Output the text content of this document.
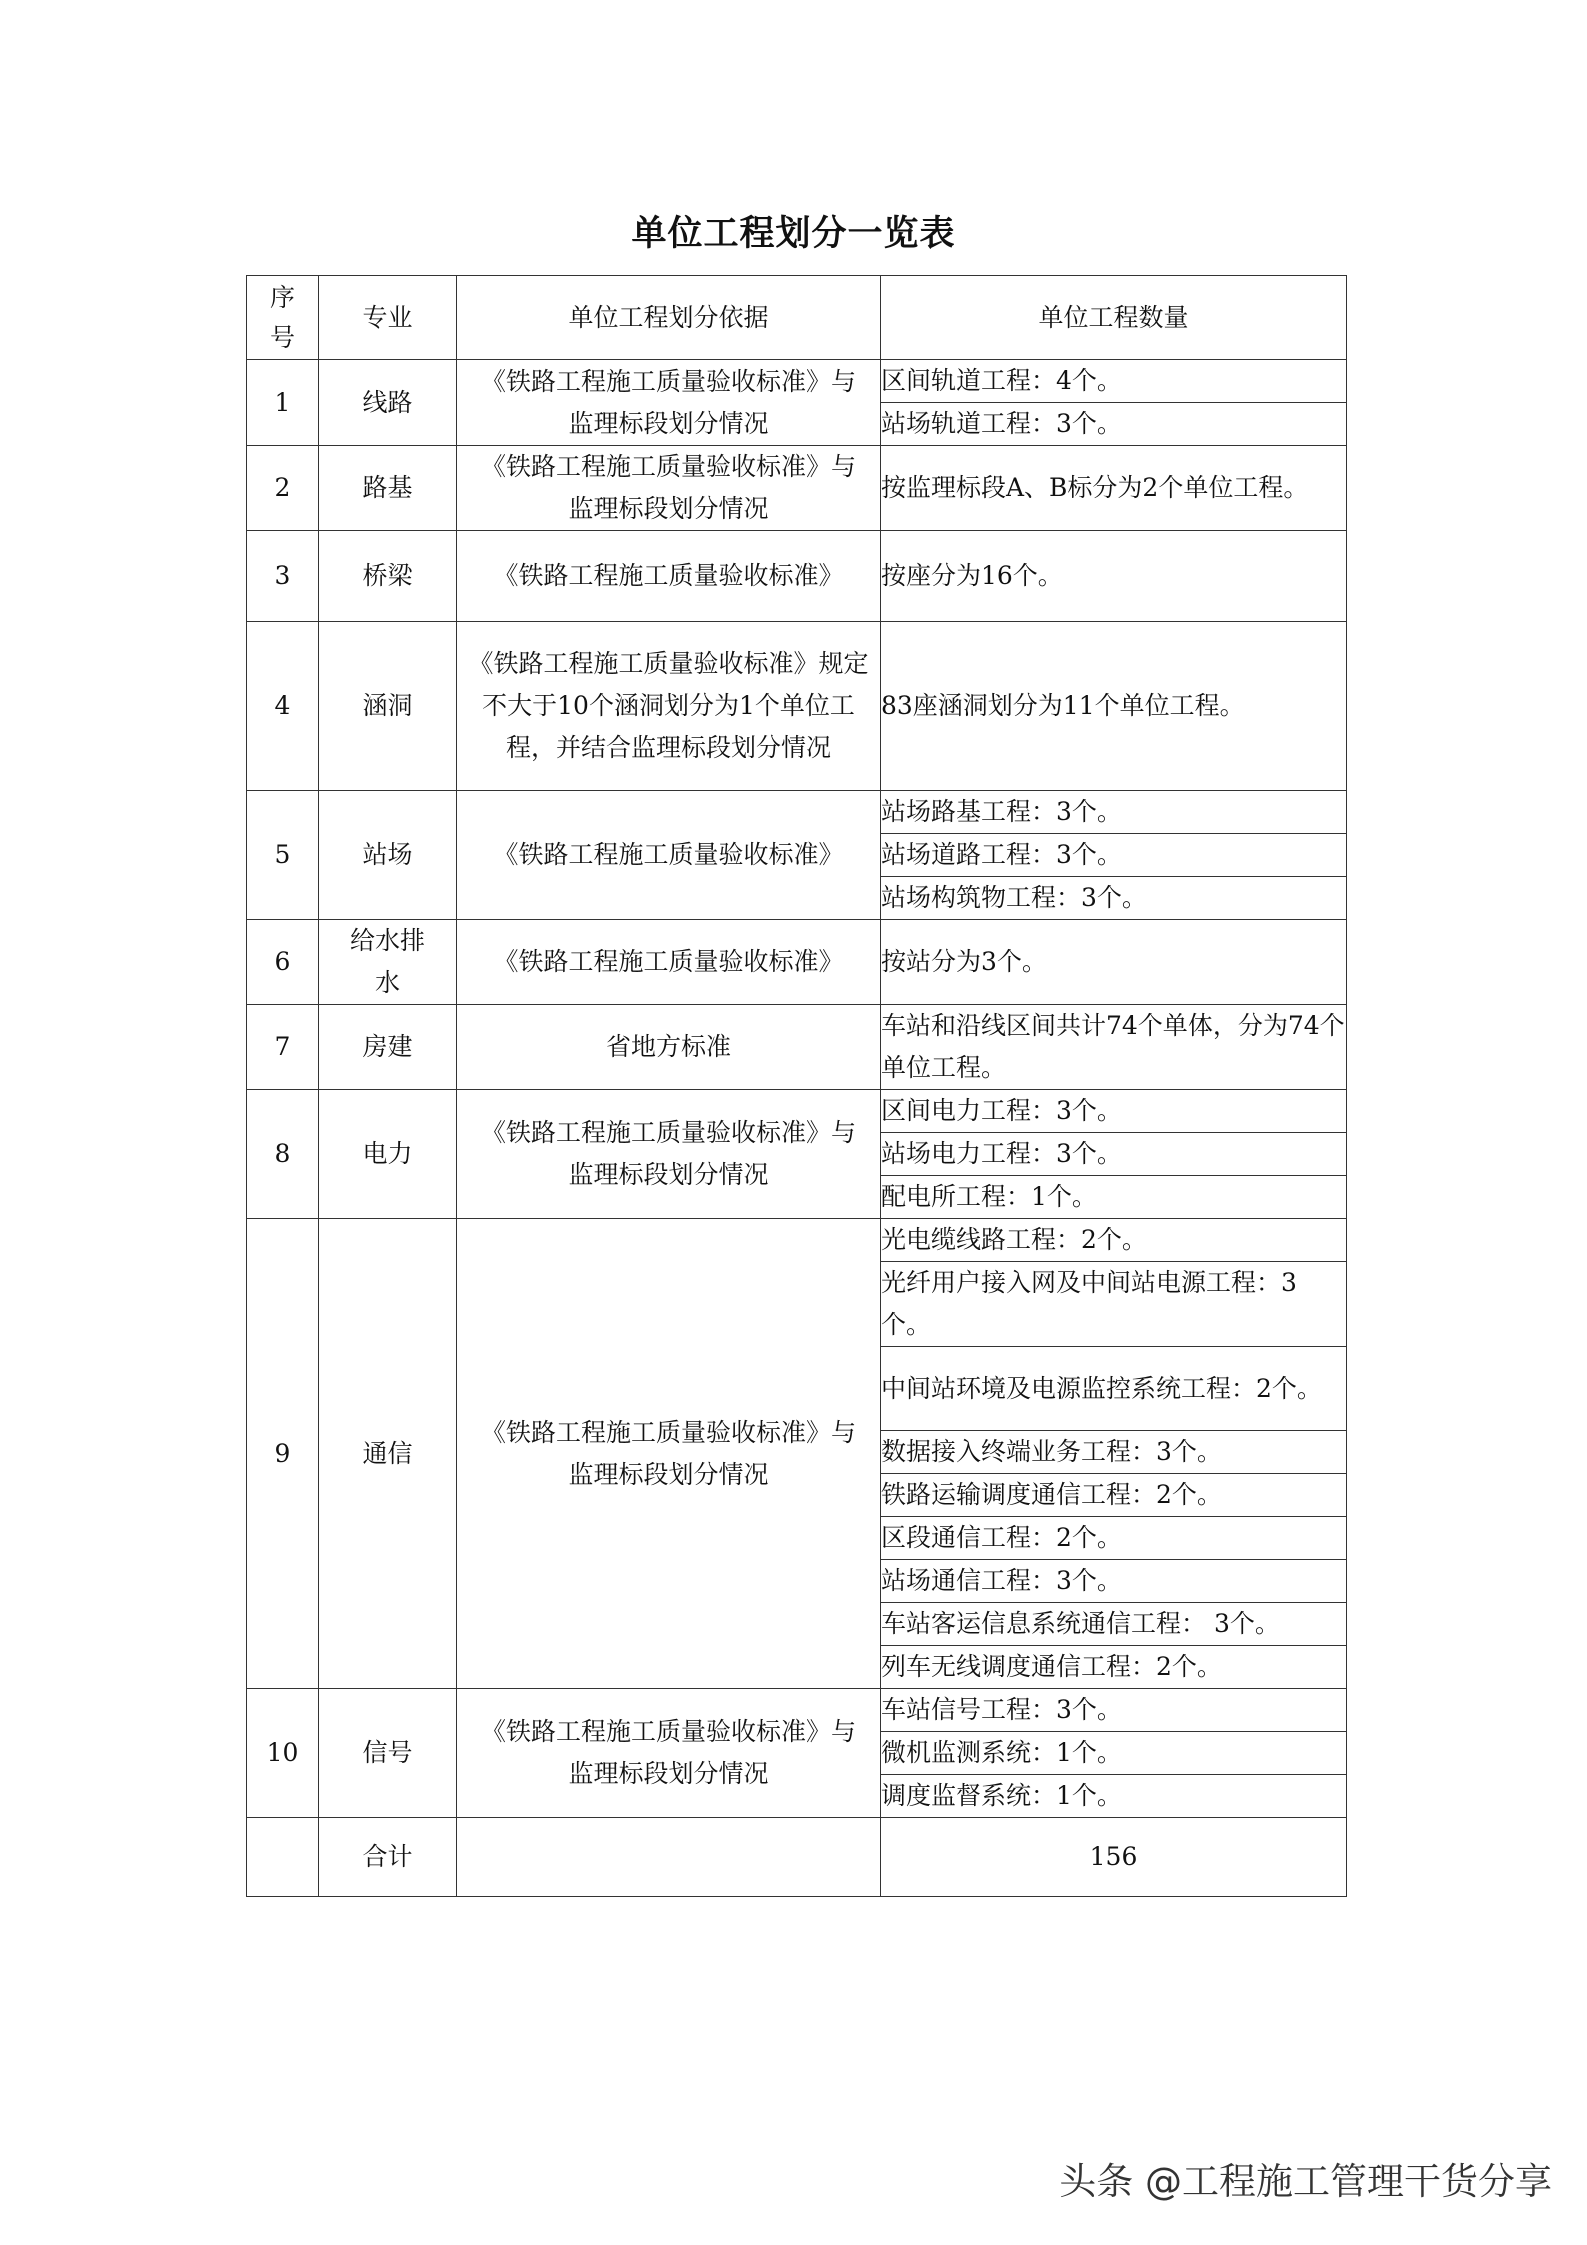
单位工程划分一览表
序号	专业	单位工程划分依据	单位工程数量
1	线路	《铁路工程施工质量验收标准》与监理标段划分情况	区间轨道工程：4个。
			站场轨道工程：3个。
2	路基	《铁路工程施工质量验收标准》与监理标段划分情况	按监理标段A、B标分为2个单位工程。
3	桥梁	《铁路工程施工质量验收标准》	按座分为16个。
4	涵洞	《铁路工程施工质量验收标准》规定不大于10个涵洞划分为1个单位工程，并结合监理标段划分情况	83座涵洞划分为11个单位工程。
5	站场	《铁路工程施工质量验收标准》	站场路基工程：3个。
			站场道路工程：3个。
			站场构筑物工程：3个。
6	给水排水	《铁路工程施工质量验收标准》	按站分为3个。
7	房建	省地方标准	车站和沿线区间共计74个单体，分为74个单位工程。
8	电力	《铁路工程施工质量验收标准》与监理标段划分情况	区间电力工程：3个。
			站场电力工程：3个。
			配电所工程：1个。
9	通信	《铁路工程施工质量验收标准》与监理标段划分情况	光电缆线路工程：2个。
			光纤用户接入网及中间站电源工程：3个。
			中间站环境及电源监控系统工程：2个。
			数据接入终端业务工程：3个。
			铁路运输调度通信工程：2个。
			区段通信工程：2个。
			站场通信工程：3个。
			车站客运信息系统通信工程： 3个。
			列车无线调度通信工程：2个。
10	信号	《铁路工程施工质量验收标准》与监理标段划分情况	车站信号工程：3个。
			微机监测系统：1个。
			调度监督系统：1个。
	合计		156
头条 @工程施工管理干货分享
